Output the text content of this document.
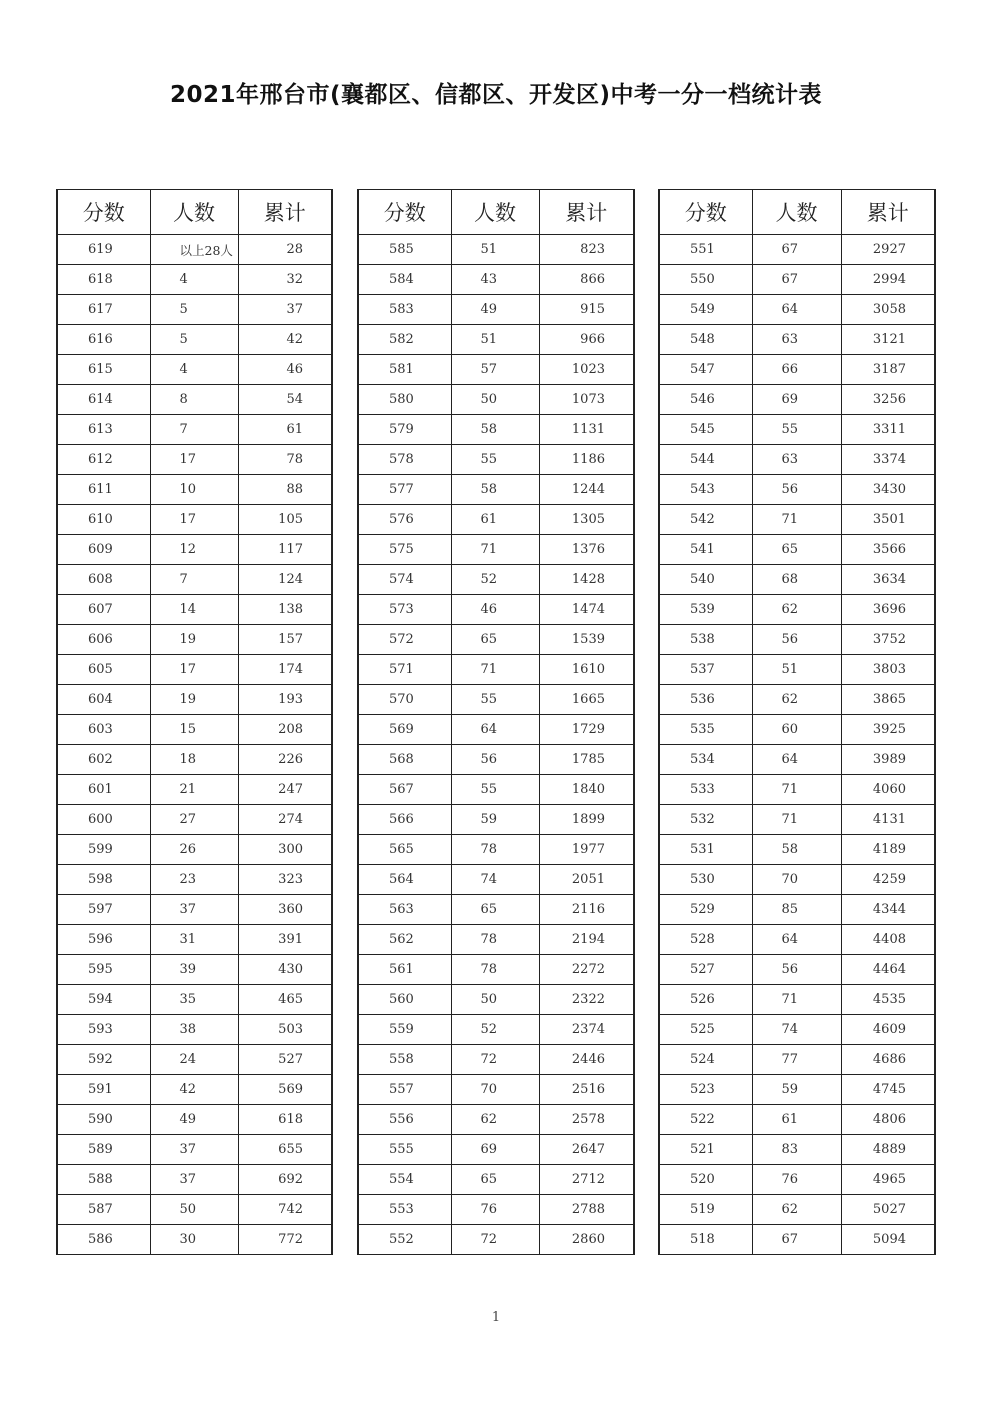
2021年邢台市(襄都区、信都区、开发区)中考一分一档统计表
分数	人数	累计
619	以上28人	28
618	4	32
617	5	37
616	5	42
615	4	46
614	8	54
613	7	61
612	17	78
611	10	88
610	17	105
609	12	117
608	7	124
607	14	138
606	19	157
605	17	174
604	19	193
603	15	208
602	18	226
601	21	247
600	27	274
599	26	300
598	23	323
597	37	360
596	31	391
595	39	430
594	35	465
593	38	503
592	24	527
591	42	569
590	49	618
589	37	655
588	37	692
587	50	742
586	30	772
分数	人数	累计
585	51	823
584	43	866
583	49	915
582	51	966
581	57	1023
580	50	1073
579	58	1131
578	55	1186
577	58	1244
576	61	1305
575	71	1376
574	52	1428
573	46	1474
572	65	1539
571	71	1610
570	55	1665
569	64	1729
568	56	1785
567	55	1840
566	59	1899
565	78	1977
564	74	2051
563	65	2116
562	78	2194
561	78	2272
560	50	2322
559	52	2374
558	72	2446
557	70	2516
556	62	2578
555	69	2647
554	65	2712
553	76	2788
552	72	2860
分数	人数	累计
551	67	2927
550	67	2994
549	64	3058
548	63	3121
547	66	3187
546	69	3256
545	55	3311
544	63	3374
543	56	3430
542	71	3501
541	65	3566
540	68	3634
539	62	3696
538	56	3752
537	51	3803
536	62	3865
535	60	3925
534	64	3989
533	71	4060
532	71	4131
531	58	4189
530	70	4259
529	85	4344
528	64	4408
527	56	4464
526	71	4535
525	74	4609
524	77	4686
523	59	4745
522	61	4806
521	83	4889
520	76	4965
519	62	5027
518	67	5094
1
